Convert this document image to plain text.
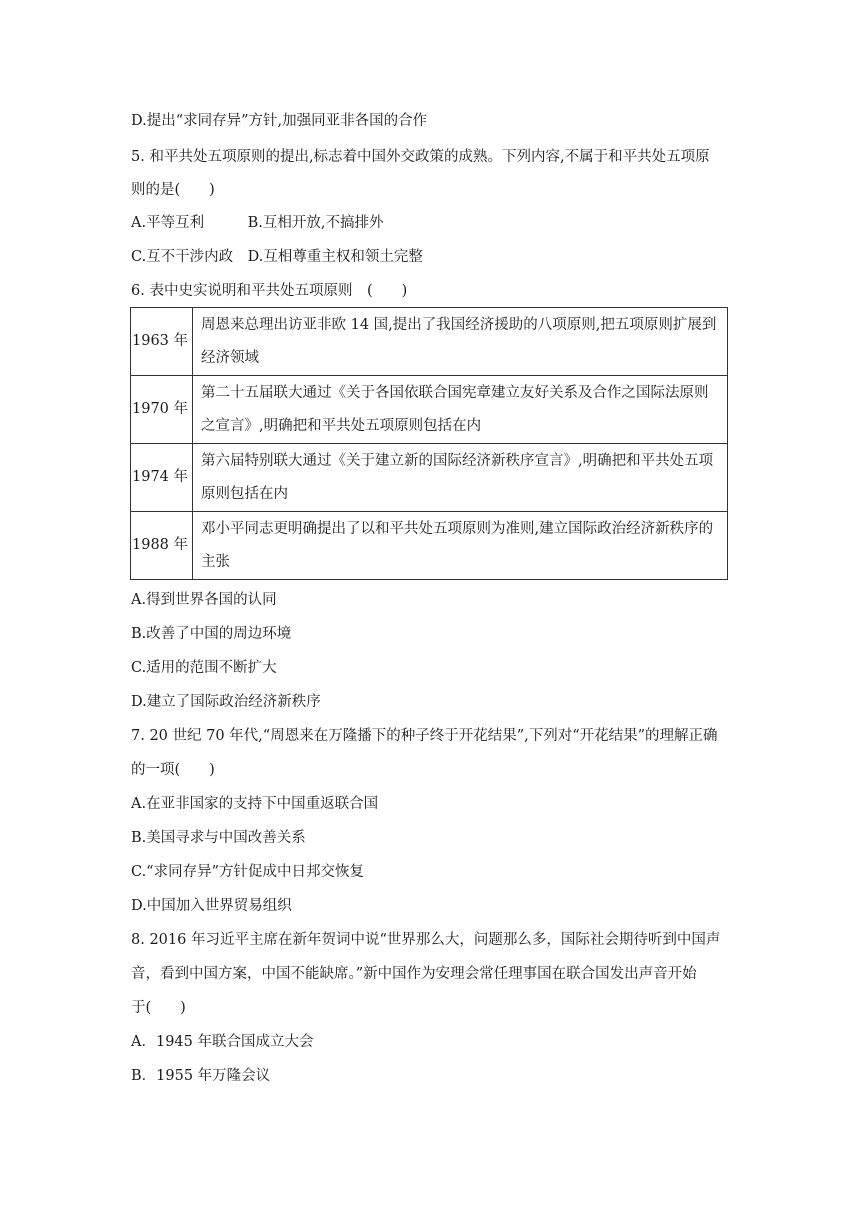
D.提出“求同存异”方针,加强同亚非各国的合作
5. 和平共处五项原则的提出,标志着中国外交政策的成熟。下列内容,不属于和平共处五项原
则的是(　　)
A.平等互利　　　B.互相开放,不搞排外
C.互不干涉内政　D.互相尊重主权和领土完整
6. 表中史实说明和平共处五项原则　(　　)
1963 年	周恩来总理出访亚非欧 14 国,提出了我国经济援助的八项原则,把五项原则扩展到经济领域
1970 年	第二十五届联大通过《关于各国依联合国宪章建立友好关系及合作之国际法原则之宣言》,明确把和平共处五项原则包括在内
1974 年	第六届特别联大通过《关于建立新的国际经济新秩序宣言》,明确把和平共处五项原则包括在内
1988 年	邓小平同志更明确提出了以和平共处五项原则为准则,建立国际政治经济新秩序的主张
A.得到世界各国的认同
B.改善了中国的周边环境
C.适用的范围不断扩大
D.建立了国际政治经济新秩序
7. 20 世纪 70 年代,“周恩来在万隆播下的种子终于开花结果”,下列对“开花结果”的理解正确
的一项(　　)
A.在亚非国家的支持下中国重返联合国
B.美国寻求与中国改善关系
C.“求同存异”方针促成中日邦交恢复
D.中国加入世界贸易组织
8. 2016 年习近平主席在新年贺词中说“世界那么大，问题那么多，国际社会期待听到中国声
音，看到中国方案，中国不能缺席。”新中国作为安理会常任理事国在联合国发出声音开始
于(　　)
A．1945 年联合国成立大会
B．1955 年万隆会议
